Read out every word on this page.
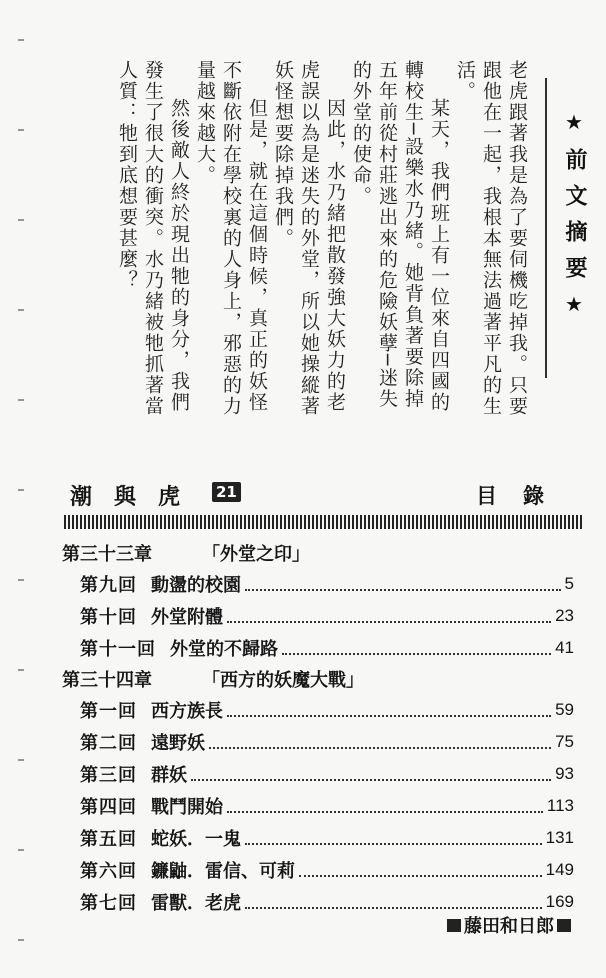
★前文摘要★

老虎跟著我是為了要伺機吃掉我。只要跟他在一起，我根本無法過著平凡的生活。

某天，我們班上有一位來自四國的轉校生─設樂水乃緒。她背負著要除掉五年前從村莊逃出來的危險妖孽─迷失的外堂的使命。

因此，水乃緒把散發強大妖力的老虎誤以為是迷失的外堂，所以她操縱著妖怪想要除掉我們。

但是，就在這個時候，真正的妖怪不斷依附在學校裏的人身上，邪惡的力量越來越大。

然後敵人終於現出牠的身分，我們發生了很大的衝突。水乃緒被牠抓著當人質：牠到底想要甚麼？

潮與虎 21	目錄
第三十三章	「外堂之印」
第九回 動盪的校園	5
第十回 外堂附體	23
第十一回 外堂的不歸路	41
第三十四章	「西方的妖魔大戰」
第一回 西方族長	59
第二回 遠野妖	75
第三回 群妖	93
第四回 戰鬥開始	113
第五回 蛇妖．一鬼	131
第六回 鐮鼬．雷信、可莉	149
第七回 雷獸．老虎	169
藤田和日郎
